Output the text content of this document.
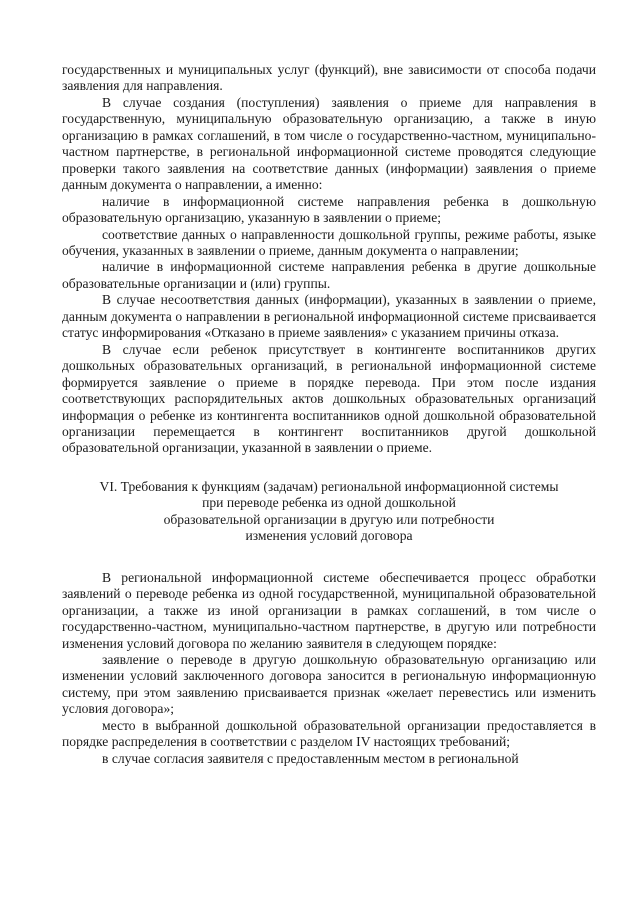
государственных и муниципальных услуг (функций), вне зависимости от способа подачи заявления для направления.

В случае создания (поступления) заявления о приеме для направления в государственную, муниципальную образовательную организацию, а также в иную организацию в рамках соглашений, в том числе о государственно-частном, муниципально-частном партнерстве, в региональной информационной системе проводятся следующие проверки такого заявления на соответствие данных (информации) заявления о приеме данным документа о направлении, а именно:

наличие в информационной системе направления ребенка в дошкольную образовательную организацию, указанную в заявлении о приеме;

соответствие данных о направленности дошкольной группы, режиме работы, языке обучения, указанных в заявлении о приеме, данным документа о направлении;

наличие в информационной системе направления ребенка в другие дошкольные образовательные организации и (или) группы.

В случае несоответствия данных (информации), указанных в заявлении о приеме, данным документа о направлении в региональной информационной системе присваивается статус информирования «Отказано в приеме заявления» с указанием причины отказа.

В случае если ребенок присутствует в контингенте воспитанников других дошкольных образовательных организаций, в региональной информационной системе формируется заявление о приеме в порядке перевода. При этом после издания соответствующих распорядительных актов дошкольных образовательных организаций информация о ребенке из контингента воспитанников одной дошкольной образовательной организации перемещается в контингент воспитанников другой дошкольной образовательной организации, указанной в заявлении о приеме.

VI. Требования к функциям (задачам) региональной информационной системы
при переводе ребенка из одной дошкольной
образовательной организации в другую или потребности
изменения условий договора

В региональной информационной системе обеспечивается процесс обработки заявлений о переводе ребенка из одной государственной, муниципальной образовательной организации, а также из иной организации в рамках соглашений, в том числе о государственно-частном, муниципально-частном партнерстве, в другую или потребности изменения условий договора по желанию заявителя в следующем порядке:

заявление о переводе в другую дошкольную образовательную организацию или изменении условий заключенного договора заносится в региональную информационную систему, при этом заявлению присваивается признак «желает перевестись или изменить условия договора»;

место в выбранной дошкольной образовательной организации предоставляется в порядке распределения в соответствии с разделом IV настоящих требований;

в случае согласия заявителя с предоставленным местом в региональной
